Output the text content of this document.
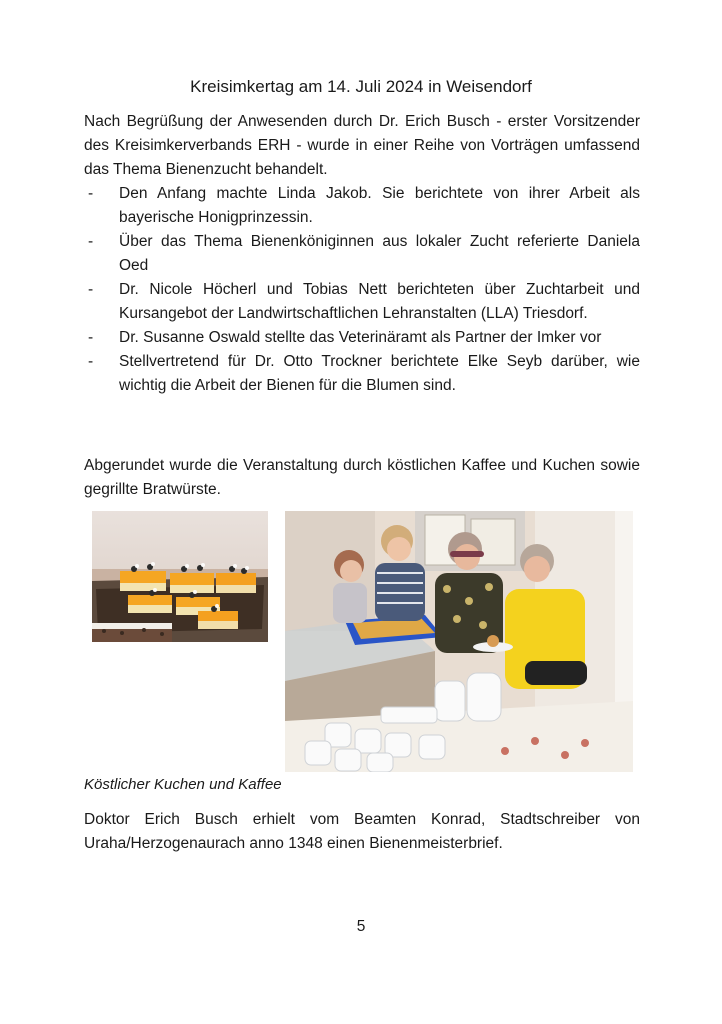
Kreisimkertag am 14. Juli 2024 in Weisendorf
Nach Begrüßung der Anwesenden durch Dr. Erich Busch - erster Vorsitzender des Kreisimkerverbands ERH - wurde in einer Reihe von Vorträgen umfassend das Thema Bienenzucht behandelt.
- Den Anfang machte Linda Jakob. Sie berichtete von ihrer Arbeit als bayerische Honigprinzessin.
- Über das Thema Bienenköniginnen aus lokaler Zucht referierte Daniela Oed
- Dr. Nicole Höcherl und Tobias Nett berichteten über Zuchtarbeit und Kursangebot der Landwirtschaftlichen Lehranstalten (LLA) Triesdorf.
- Dr. Susanne Oswald stellte das Veterinäramt als Partner der Imker vor
- Stellvertretend für Dr. Otto Trockner berichtete Elke Seyb darüber, wie wichtig die Arbeit der Bienen für die Blumen sind.
Abgerundet wurde die Veranstaltung durch köstlichen Kaffee und Kuchen sowie gegrillte Bratwürste.
Köstlicher Kuchen und Kaffee
Doktor Erich Busch erhielt vom Beamten Konrad, Stadtschreiber von Uraha/Herzogenaurach anno 1348 einen Bienenmeisterbrief.
5
